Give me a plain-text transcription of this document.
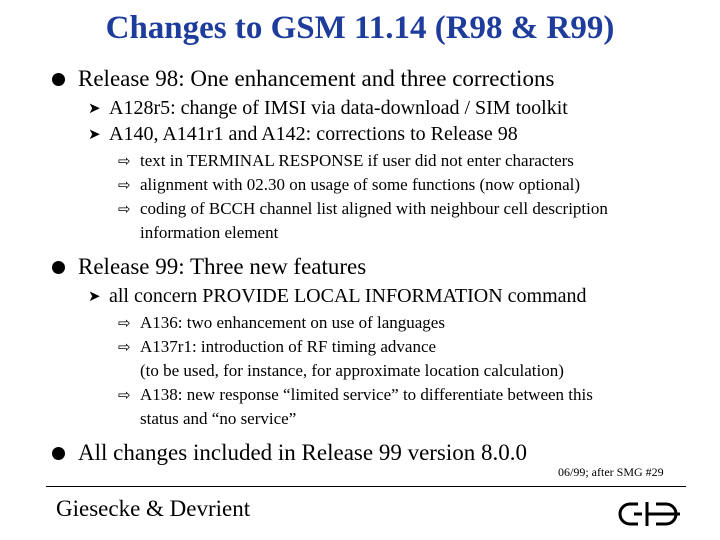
Changes to GSM 11.14 (R98 & R99)
Release 98: One enhancement and three corrections
➤ A128r5: change of IMSI via data-download / SIM toolkit
➤ A140, A141r1 and A142: corrections to Release 98
⇨ text in TERMINAL RESPONSE if user did not enter characters
⇨ alignment with 02.30 on usage of some functions (now optional)
⇨ coding of BCCH channel list aligned with neighbour cell description
information element
Release 99: Three new features
➤ all concern PROVIDE LOCAL INFORMATION command
⇨ A136: two enhancement on use of languages
⇨ A137r1: introduction of RF timing advance
(to be used, for instance, for approximate location calculation)
⇨ A138: new response “limited service” to differentiate between this
status and “no service”
All changes included in Release 99 version 8.0.0
06/99; after SMG #29
Giesecke & Devrient
